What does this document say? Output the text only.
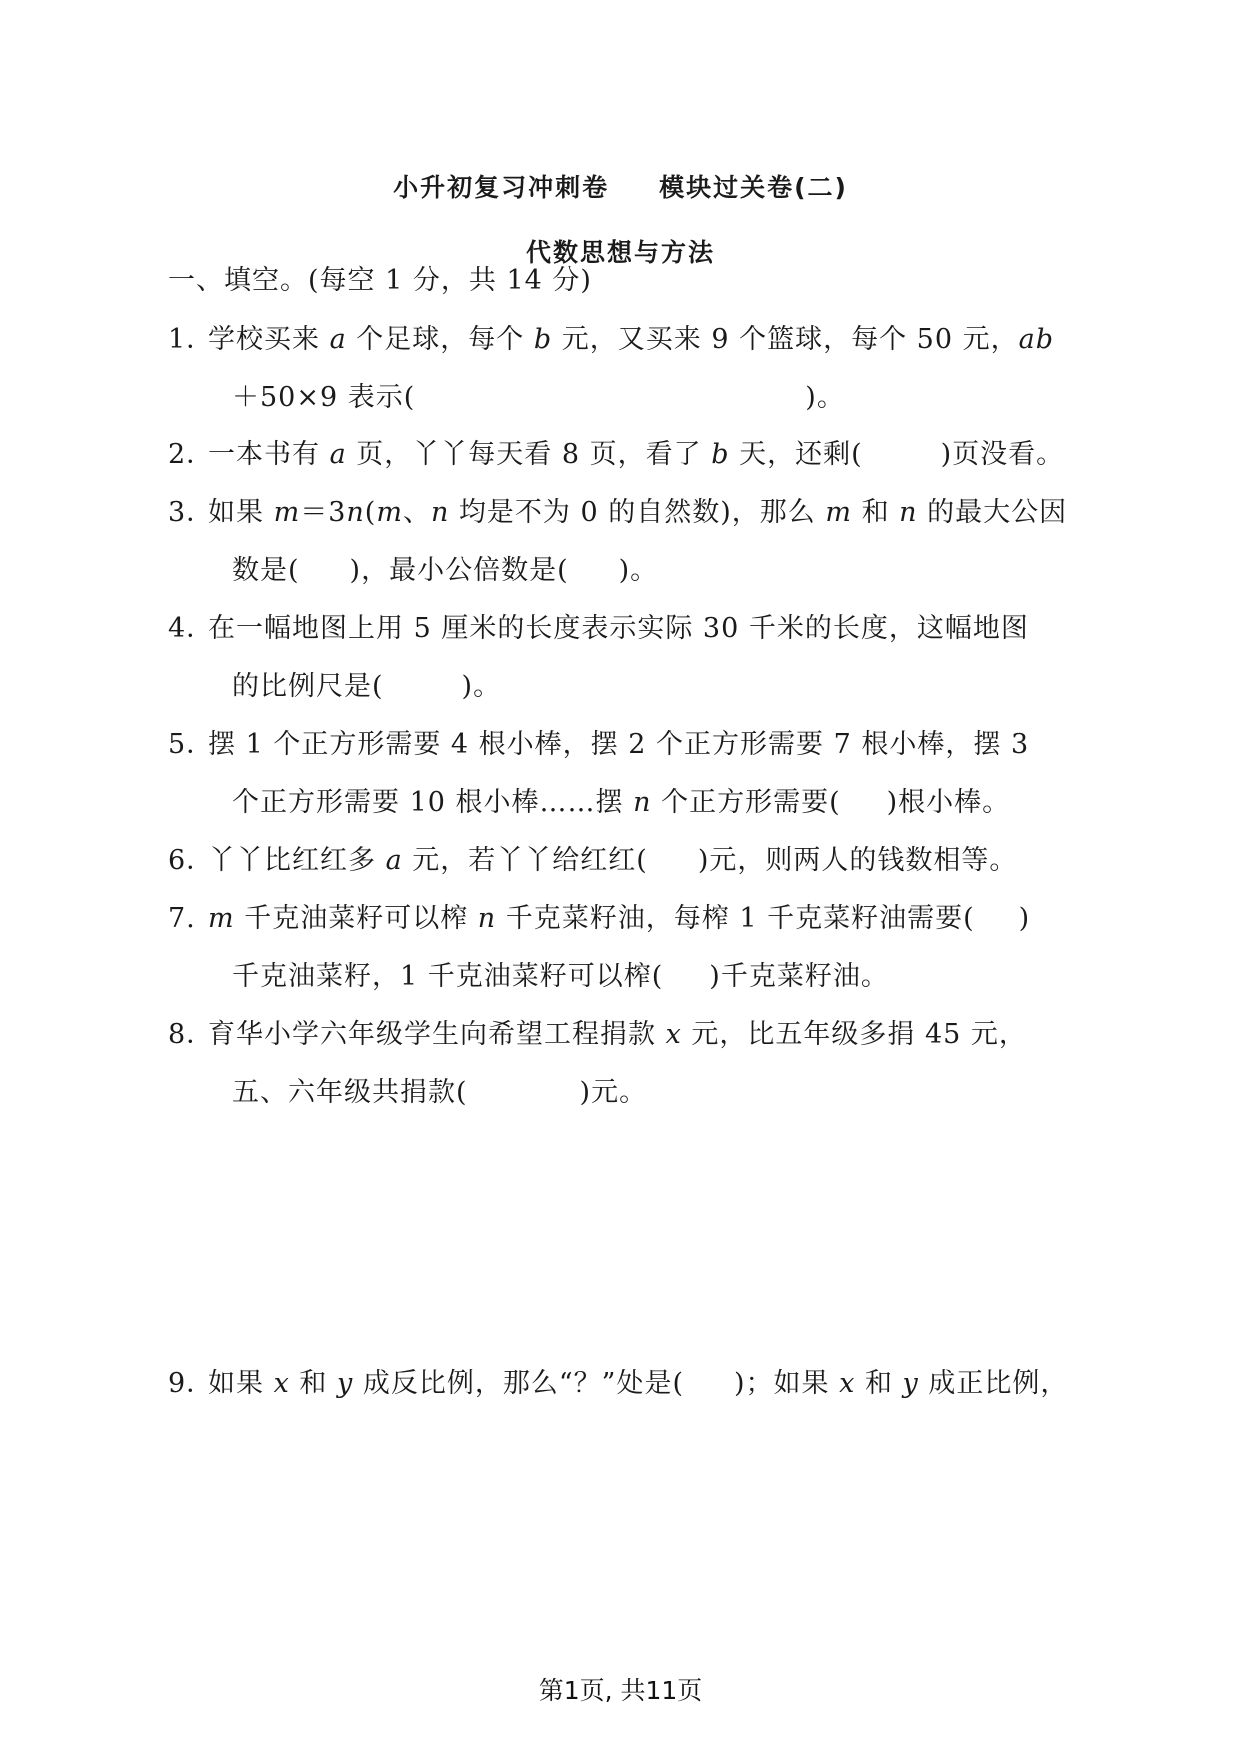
小升初复习冲刺卷 模块过关卷(二)
代数思想与方法
一、填空。(每空 1 分，共 14 分)
1．学校买来 a 个足球，每个 b 元，又买来 9 个篮球，每个 50 元，ab
＋50×9 表示(	)。
2．一本书有 a 页，丫丫每天看 8 页，看了 b 天，还剩(	)页没看。
3．如果 m＝3n(m、n 均是不为 0 的自然数)，那么 m 和 n 的最大公因
数是( )，最小公倍数是( )。
4．在一幅地图上用 5 厘米的长度表示实际 30 千米的长度，这幅地图
的比例尺是(	)。
5．摆 1 个正方形需要 4 根小棒，摆 2 个正方形需要 7 根小棒，摆 3
个正方形需要 10 根小棒……摆 n 个正方形需要( )根小棒。
6．丫丫比红红多 a 元，若丫丫给红红( )元，则两人的钱数相等。
7. m 千克油菜籽可以榨 n 千克菜籽油，每榨 1 千克菜籽油需要( )
千克油菜籽，1 千克油菜籽可以榨( )千克菜籽油。
8．育华小学六年级学生向希望工程捐款 x 元，比五年级多捐 45 元，
五、六年级共捐款(	)元。
9．如果 x 和 y 成反比例，那么“？”处是( )；如果 x 和 y 成正比例，
第1页, 共11页
